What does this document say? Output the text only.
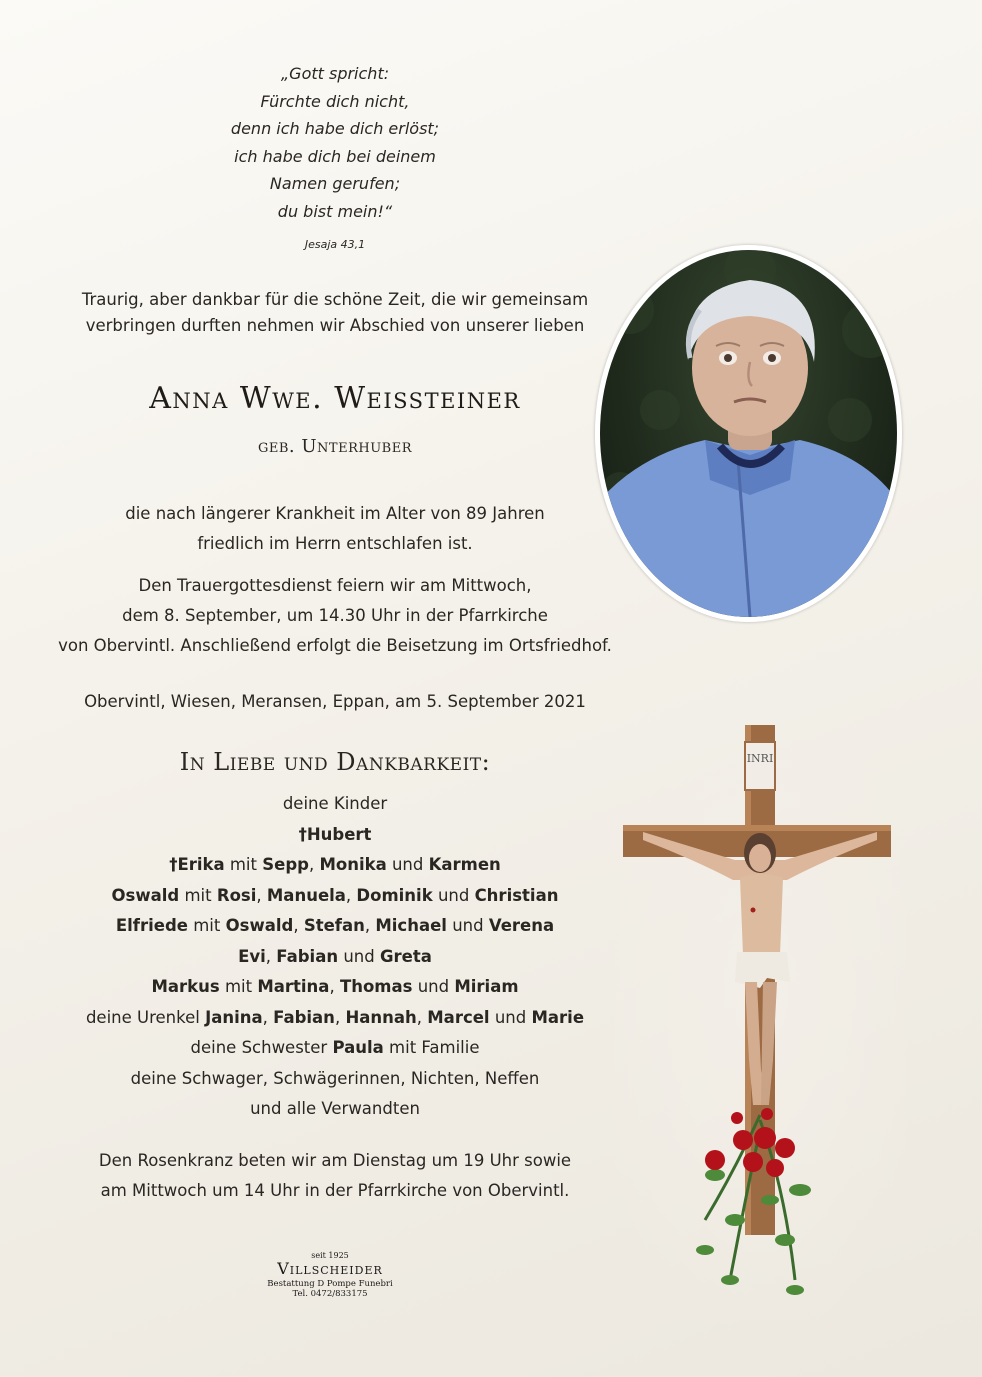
„Gott spricht:
Fürchte dich nicht,
denn ich habe dich erlöst;
ich habe dich bei deinem
Namen gerufen;
du bist mein!“
Jesaja 43,1
Traurig, aber dankbar für die schöne Zeit, die wir gemeinsam
verbringen durften nehmen wir Abschied von unserer lieben
Anna Wwe. Weissteiner
geb. Unterhuber
die nach längerer Krankheit im Alter von 89 Jahren
friedlich im Herrn entschlafen ist.
Den Trauergottesdienst feiern wir am Mittwoch,
dem 8. September, um 14.30 Uhr in der Pfarrkirche
von Obervintl. Anschließend erfolgt die Beisetzung im Ortsfriedhof.
Obervintl, Wiesen, Meransen, Eppan, am 5. September 2021
In Liebe und Dankbarkeit:
deine Kinder
†Hubert
†Erika mit Sepp, Monika und Karmen
Oswald mit Rosi, Manuela, Dominik und Christian
Elfriede mit Oswald, Stefan, Michael und Verena
Evi, Fabian und Greta
Markus mit Martina, Thomas und Miriam
deine Urenkel Janina, Fabian, Hannah, Marcel und Marie
deine Schwester Paula mit Familie
deine Schwager, Schwägerinnen, Nichten, Neffen
und alle Verwandten
Den Rosenkranz beten wir am Dienstag um 19 Uhr sowie
am Mittwoch um 14 Uhr in der Pfarrkirche von Obervintl.
seit 1925
Villscheider
Bestattung D Pompe Funebri
Tel. 0472/833175
INRI
